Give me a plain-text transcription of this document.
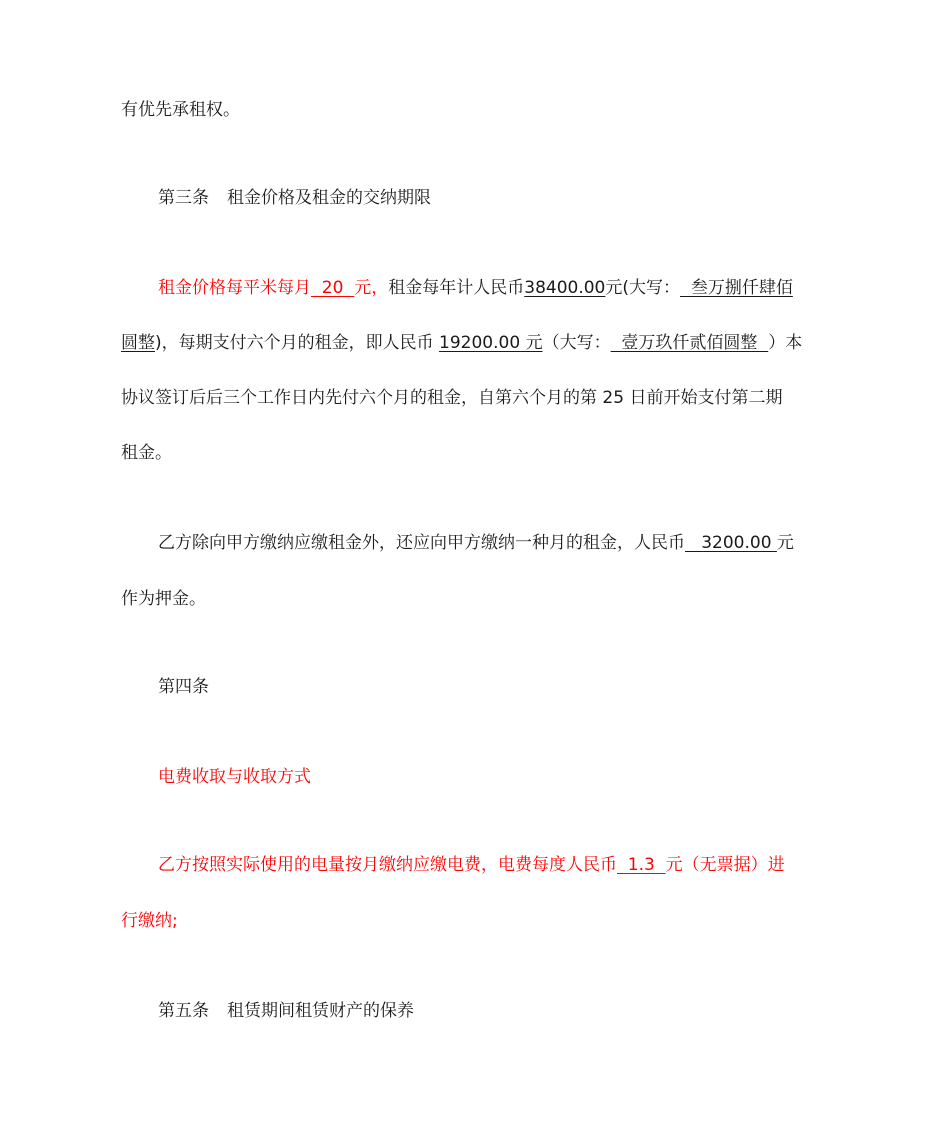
有优先承租权。
第三条 租金价格及租金的交纳期限
租金价格每平米每月  20  元，租金每年计人民币38400.00元(大写：  叁万捌仟肆佰
圆整)，每期支付六个月的租金，即人民币 19200.00 元（大写：  壹万玖仟贰佰圆整  ）本
协议签订后后三个工作日内先付六个月的租金，自第六个月的第 25 日前开始支付第二期
租金。
乙方除向甲方缴纳应缴租金外，还应向甲方缴纳一种月的租金，人民币   3200.00 元
作为押金。
第四条
电费收取与收取方式
乙方按照实际使用的电量按月缴纳应缴电费，电费每度人民币  1.3  元（无票据）进
行缴纳;
第五条 租赁期间租赁财产的保养
